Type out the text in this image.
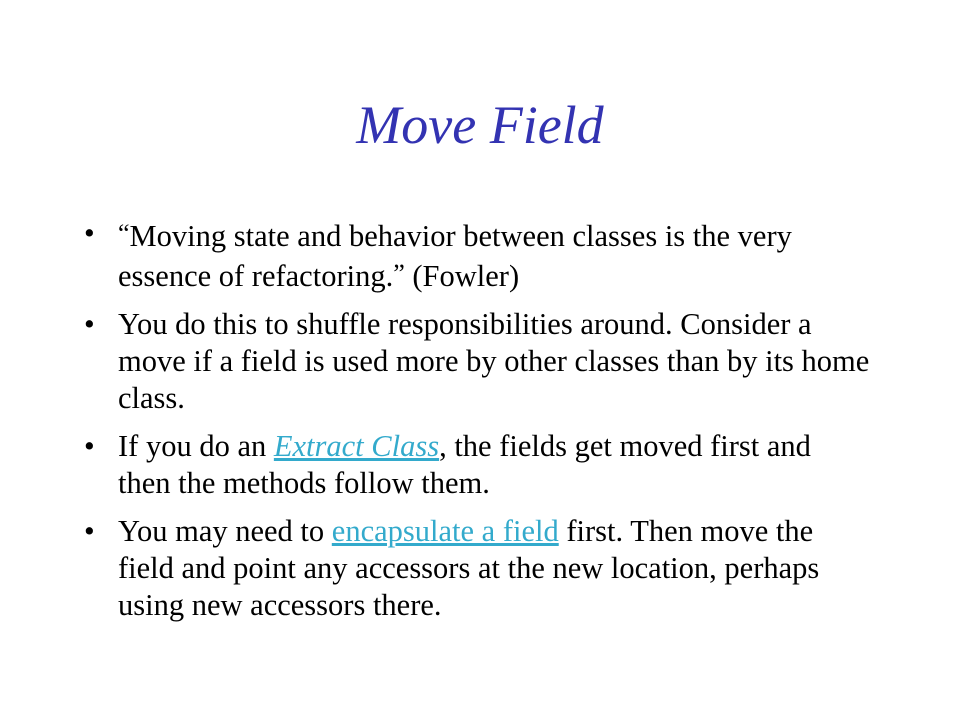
Move Field
• “Moving state and behavior between classes is the very essence of refactoring.” (Fowler)
• You do this to shuffle responsibilities around. Consider a move if a field is used more by other classes than by its home class.
• If you do an Extract Class, the fields get moved first and then the methods follow them.
• You may need to encapsulate a field first. Then move the field and point any accessors at the new location, perhaps using new accessors there.
